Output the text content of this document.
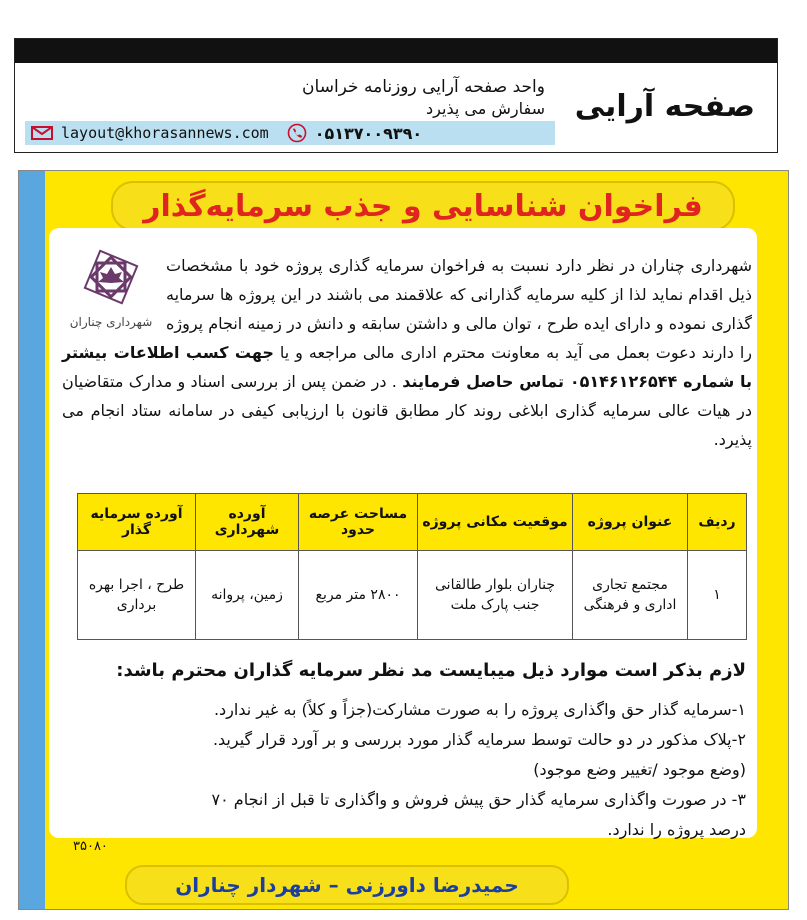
صفحه آرایی
واحد صفحه آرایی روزنامه خراسان
سفارش می پذیرد
layout@khorasannews.com	۰۵۱۳۷۰۰۹۳۹۰
فراخوان شناسایی و جذب سرمایه‌گذار
شهرداری چناران
شهرداری چناران در نظر دارد نسبت به فراخوان سرمایه گذاری پروژه خود با مشخصات ذیل اقدام نماید لذا از کلیه سرمایه گذارانی که علاقمند می باشند در این پروژه ها سرمایه گذاری نموده و دارای ایده طرح ، توان مالی و داشتن سابقه و دانش در زمینه انجام پروژه را دارند دعوت بعمل می آید به معاونت محترم اداری مالی مراجعه و یا جهت کسب اطلاعات بیشتر با شماره ۰۵۱۴۶۱۲۶۵۴۴ تماس حاصل فرمایند . در ضمن پس از بررسی اسناد و مدارک متقاضیان در هیات عالی سرمایه گذاری ابلاغی روند کار مطابق قانون با ارزیابی کیفی در سامانه ستاد انجام می پذیرد.
ردیف	عنوان پروژه	موقعیت مکانی پروژه	مساحت عرصه حدود	آورده شهرداری	آورده سرمایه گذار
۱	مجتمع تجاری اداری و فرهنگی	چناران بلوار طالقانی جنب پارک ملت	۲۸۰۰ متر مربع	زمین، پروانه	طرح ، اجرا بهره برداری
لازم بذکر است موارد ذیل میبایست مد نظر سرمایه گذاران محترم باشد:
۱-سرمایه گذار حق واگذاری پروژه را به صورت مشارکت(جزاً و کلاً) به غیر ندارد.
۲-پلاک مذکور در دو حالت توسط سرمایه گذار مورد بررسی و بر آورد قرار گیرید.
(وضع موجود /تغییر وضع موجود)
۳- در صورت واگذاری سرمایه گذار حق پیش فروش و واگذاری تا قبل از انجام ۷۰
درصد پروژه را ندارد.
۳۵۰۸۰
حمیدرضا داورزنی – شهردار چناران
